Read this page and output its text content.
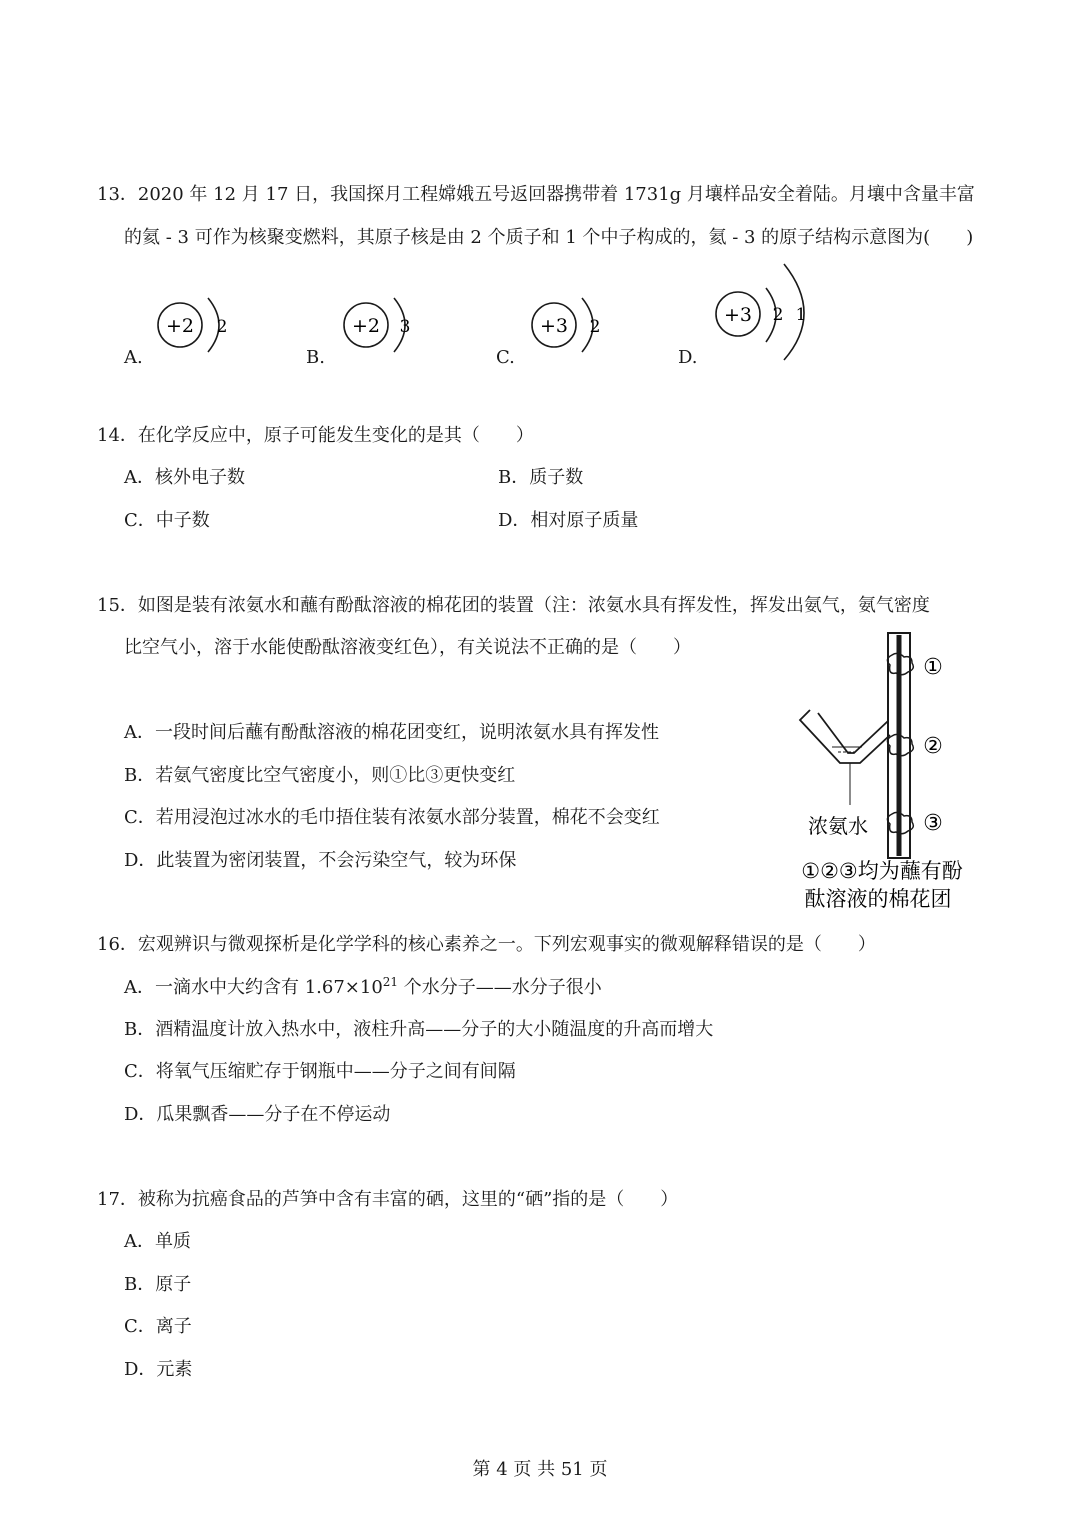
13．2020 年 12 月 17 日，我国探月工程嫦娥五号返回器携带着 1731g 月壤样品安全着陆。月壤中含量丰富
的氦 - 3 可作为核聚变燃料，其原子核是由 2 个质子和 1 个中子构成的，氦 - 3 的原子结构示意图为(　　)
A.
+2 2
B.
+2 3
C.
+3 2
D.
+3 2 1
14．在化学反应中，原子可能发生变化的是其（　　）
A．核外电子数	B．质子数
C．中子数	D．相对原子质量
15．如图是装有浓氨水和蘸有酚酞溶液的棉花团的装置（注：浓氨水具有挥发性，挥发出氨气，氨气密度
比空气小，溶于水能使酚酞溶液变红色），有关说法不正确的是（　　）
A．一段时间后蘸有酚酞溶液的棉花团变红，说明浓氨水具有挥发性
B．若氨气密度比空气密度小，则①比③更快变红
C．若用浸泡过冰水的毛巾捂住装有浓氨水部分装置，棉花不会变红
D．此装置为密闭装置，不会污染空气，较为环保
①
②
③
浓氨水
①②③均为蘸有酚
酞溶液的棉花团
16．宏观辨识与微观探析是化学学科的核心素养之一。下列宏观事实的微观解释错误的是（　　）
A．一滴水中大约含有 $1.67\times 10^{21}$ 个水分子——水分子很小
B．酒精温度计放入热水中，液柱升高——分子的大小随温度的升高而增大
C．将氧气压缩贮存于钢瓶中——分子之间有间隔
D．瓜果飘香——分子在不停运动
17．被称为抗癌食品的芦笋中含有丰富的硒，这里的“硒”指的是（　　）
A．单质
B．原子
C．离子
D．元素
第 4 页 共 51 页
